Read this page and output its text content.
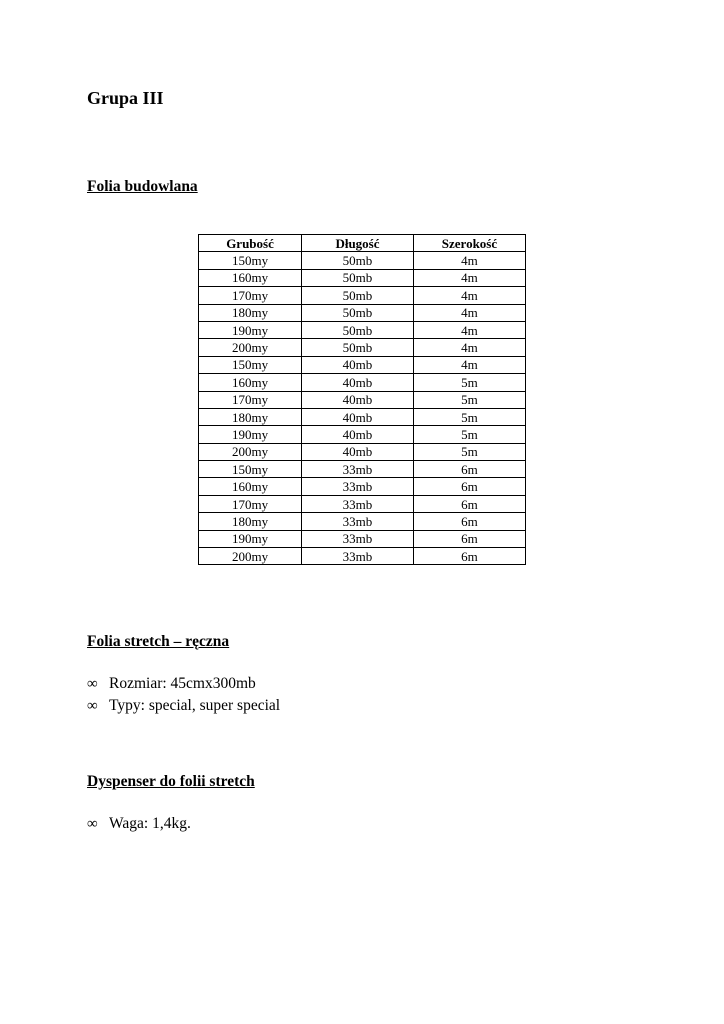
Grupa III
Folia budowlana
Grubość	Długość	Szerokość
150my	50mb	4m
160my	50mb	4m
170my	50mb	4m
180my	50mb	4m
190my	50mb	4m
200my	50mb	4m
150my	40mb	4m
160my	40mb	5m
170my	40mb	5m
180my	40mb	5m
190my	40mb	5m
200my	40mb	5m
150my	33mb	6m
160my	33mb	6m
170my	33mb	6m
180my	33mb	6m
190my	33mb	6m
200my	33mb	6m
Folia stretch – ręczna
∞ Rozmiar: 45cmx300mb
∞ Typy: special, super special
Dyspenser do folii stretch
∞ Waga: 1,4kg.
